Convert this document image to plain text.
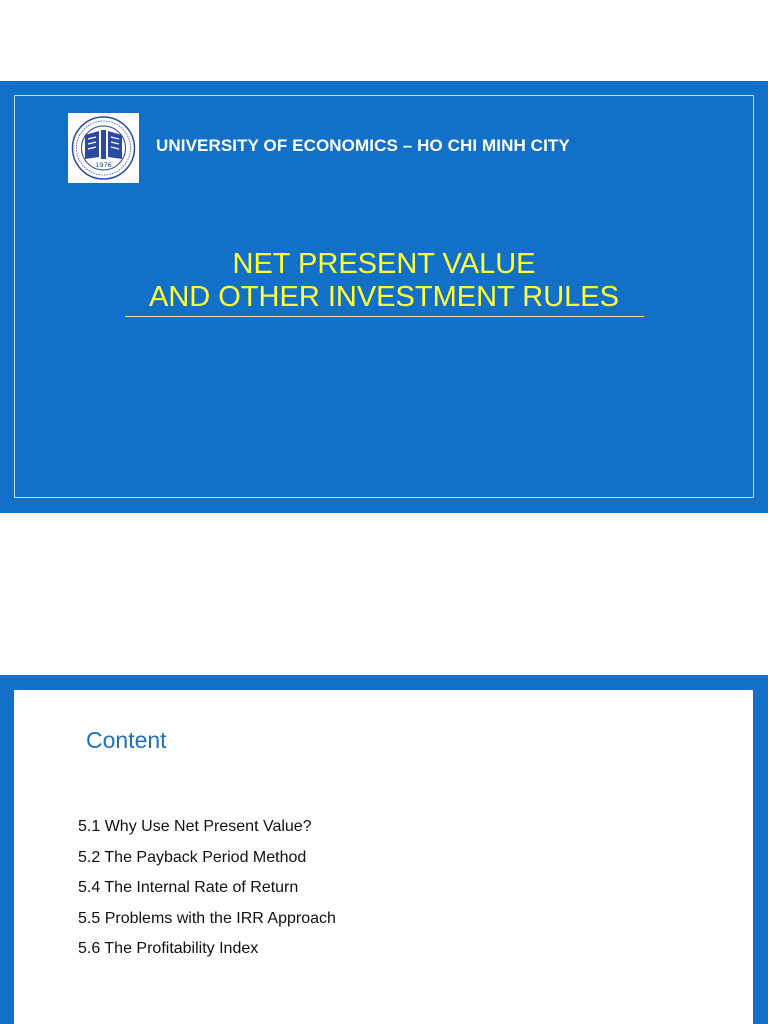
1976
UNIVERSITY OF ECONOMICS – HO CHI MINH CITY
NET PRESENT VALUE
AND OTHER INVESTMENT RULES
Content
5.1 Why Use Net Present Value?
5.2 The Payback Period Method
5.4 The Internal Rate of Return
5.5 Problems with the IRR Approach
5.6 The Profitability Index
